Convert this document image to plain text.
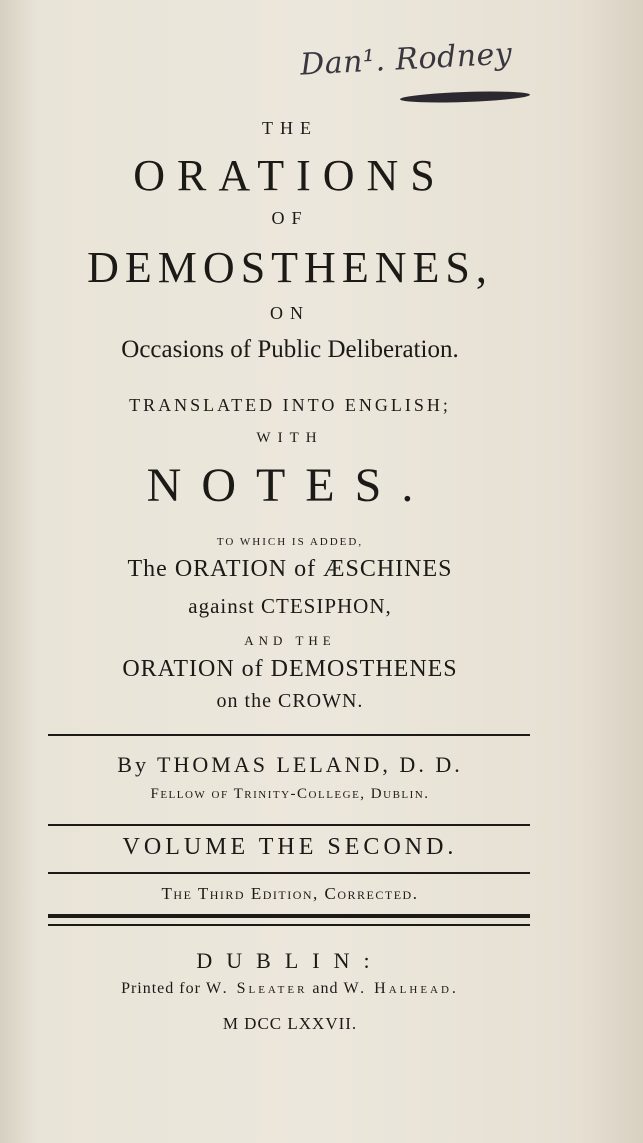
Dan¹. Rodney
THE
ORATIONS
OF
DEMOSTHENES,
ON
Occasions of Public Deliberation.
TRANSLATED INTO ENGLISH;
WITH
NOTES.
TO WHICH IS ADDED,
The ORATION of ÆSCHINES
against CTESIPHON,
AND THE
ORATION of DEMOSTHENES
on the CROWN.
By THOMAS LELAND, D. D.
Fellow of Trinity-College, Dublin.
VOLUME THE SECOND.
The Third Edition, Corrected.
DUBLIN:
Printed for W. Sleater and W. Halhead.
M DCC LXXVII.
